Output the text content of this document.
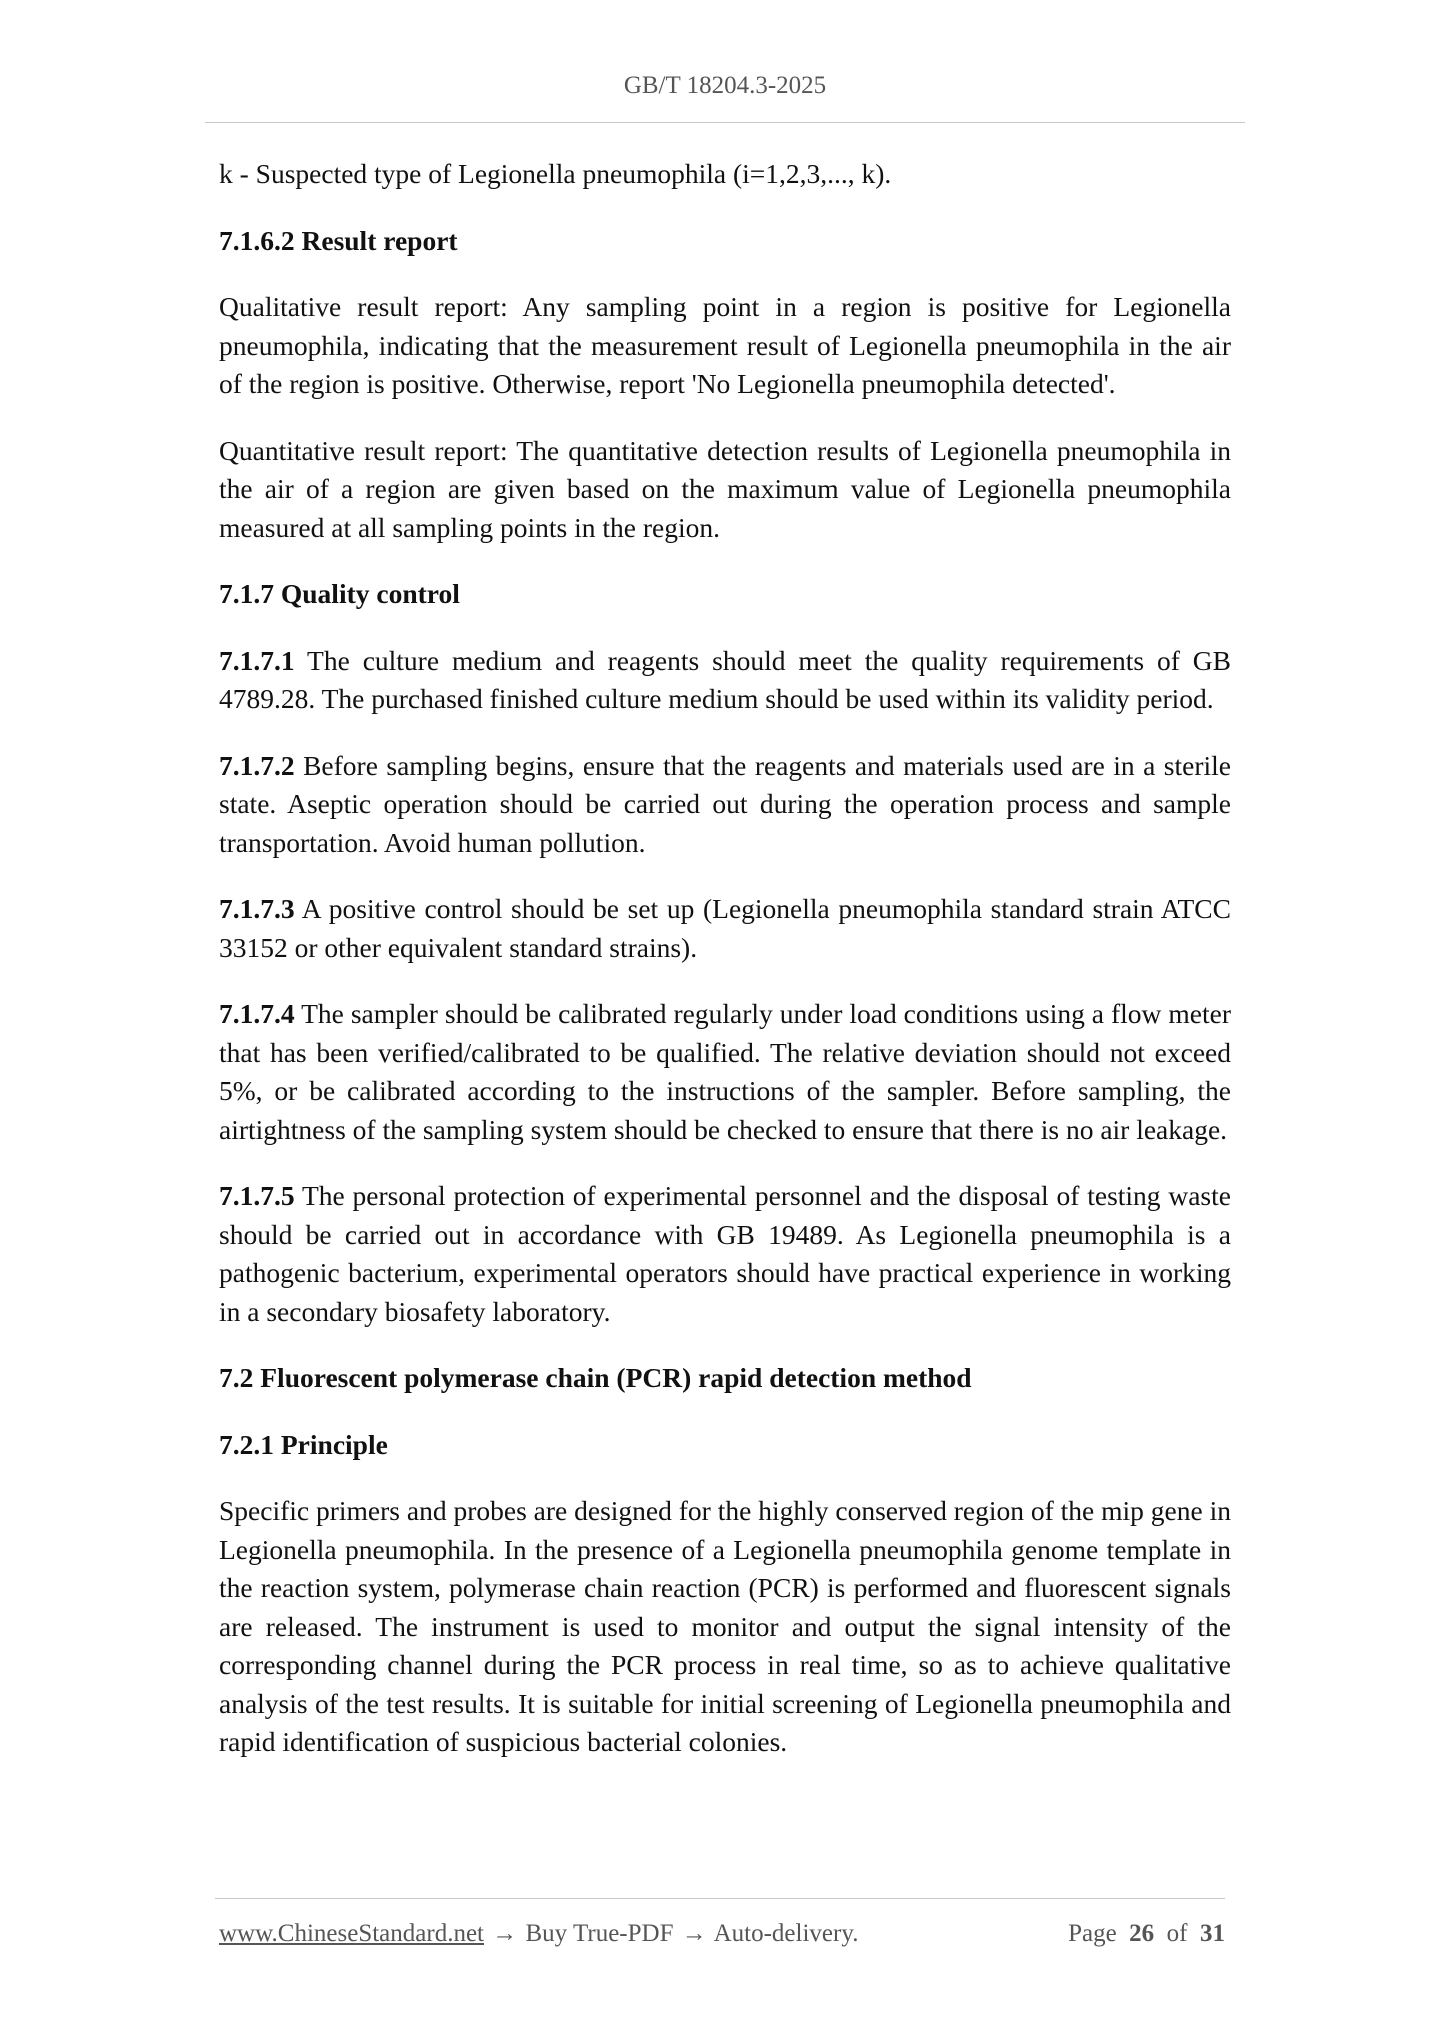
GB/T 18204.3-2025

k - Suspected type of Legionella pneumophila (i=1,2,3,..., k).

7.1.6.2 Result report

Qualitative result report: Any sampling point in a region is positive for Legionella pneumophila, indicating that the measurement result of Legionella pneumophila in the air of the region is positive. Otherwise, report 'No Legionella pneumophila detected'.

Quantitative result report: The quantitative detection results of Legionella pneumophila in the air of a region are given based on the maximum value of Legionella pneumophila measured at all sampling points in the region.

7.1.7 Quality control

7.1.7.1 The culture medium and reagents should meet the quality requirements of GB 4789.28. The purchased finished culture medium should be used within its validity period.

7.1.7.2 Before sampling begins, ensure that the reagents and materials used are in a sterile state. Aseptic operation should be carried out during the operation process and sample transportation. Avoid human pollution.

7.1.7.3 A positive control should be set up (Legionella pneumophila standard strain ATCC 33152 or other equivalent standard strains).

7.1.7.4 The sampler should be calibrated regularly under load conditions using a flow meter that has been verified/calibrated to be qualified. The relative deviation should not exceed 5%, or be calibrated according to the instructions of the sampler. Before sampling, the airtightness of the sampling system should be checked to ensure that there is no air leakage.

7.1.7.5 The personal protection of experimental personnel and the disposal of testing waste should be carried out in accordance with GB 19489. As Legionella pneumophila is a pathogenic bacterium, experimental operators should have practical experience in working in a secondary biosafety laboratory.

7.2 Fluorescent polymerase chain (PCR) rapid detection method

7.2.1 Principle

Specific primers and probes are designed for the highly conserved region of the mip gene in Legionella pneumophila. In the presence of a Legionella pneumophila genome template in the reaction system, polymerase chain reaction (PCR) is performed and fluorescent signals are released. The instrument is used to monitor and output the signal intensity of the corresponding channel during the PCR process in real time, so as to achieve qualitative analysis of the test results. It is suitable for initial screening of Legionella pneumophila and rapid identification of suspicious bacterial colonies.

www.ChineseStandard.net → Buy True-PDF → Auto-delivery.	Page 26 of 31
